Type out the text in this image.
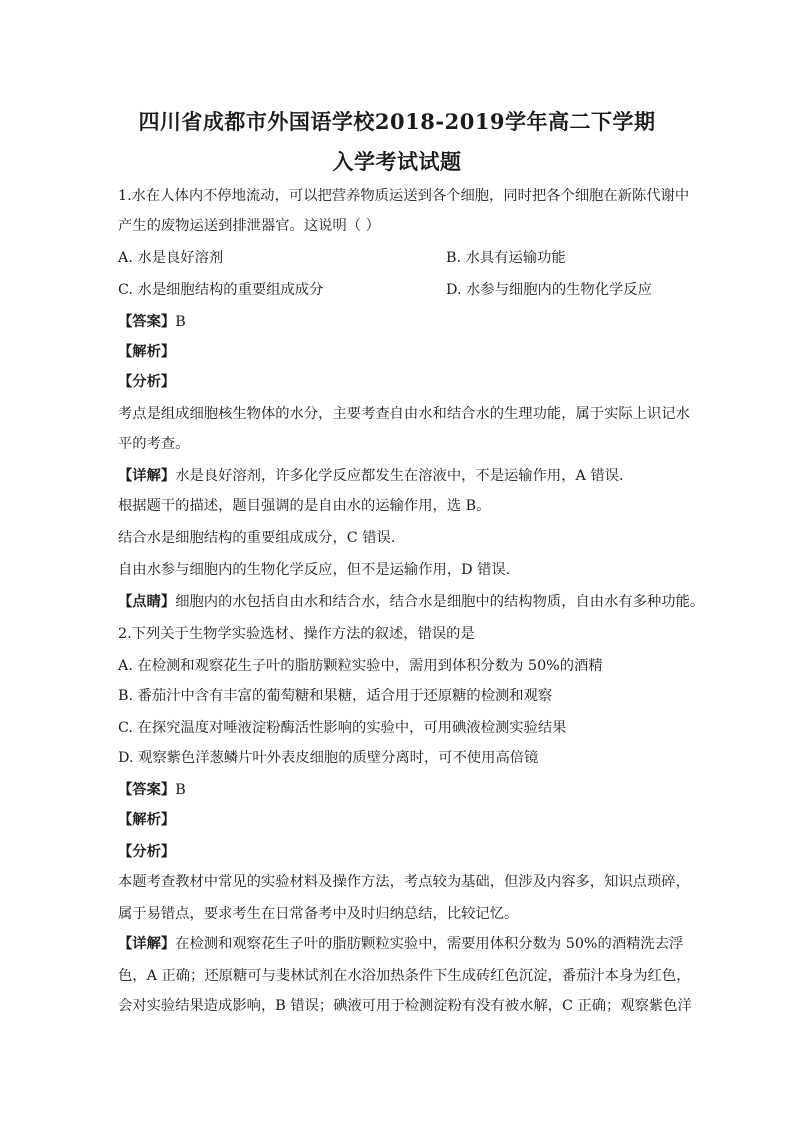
四川省成都市外国语学校2018-2019学年高二下学期
入学考试试题
1.水在人体内不停地流动，可以把营养物质运送到各个细胞，同时把各个细胞在新陈代谢中
产生的废物运送到排泄器官。这说明（ ）
A. 水是良好溶剂	B. 水具有运输功能
C. 水是细胞结构的重要组成成分	D. 水参与细胞内的生物化学反应
【答案】B
【解析】
【分析】
考点是组成细胞核生物体的水分，主要考查自由水和结合水的生理功能，属于实际上识记水
平的考查。
【详解】水是良好溶剂，许多化学反应都发生在溶液中，不是运输作用，A 错误.
根据题干的描述，题目强调的是自由水的运输作用，选 B。
结合水是细胞结构的重要组成成分，C 错误.
自由水参与细胞内的生物化学反应，但不是运输作用，D 错误.
【点睛】细胞内的水包括自由水和结合水，结合水是细胞中的结构物质，自由水有多种功能。
2.下列关于生物学实验选材、操作方法的叙述，错误的是
A. 在检测和观察花生子叶的脂肪颗粒实验中，需用到体积分数为 50%的酒精
B. 番茄汁中含有丰富的葡萄糖和果糖，适合用于还原糖的检测和观察
C. 在探究温度对唾液淀粉酶活性影响的实验中，可用碘液检测实验结果
D. 观察紫色洋葱鳞片叶外表皮细胞的质壁分离时，可不使用高倍镜
【答案】B
【解析】
【分析】
本题考查教材中常见的实验材料及操作方法，考点较为基础，但涉及内容多，知识点琐碎，
属于易错点，要求考生在日常备考中及时归纳总结，比较记忆。
【详解】在检测和观察花生子叶的脂肪颗粒实验中，需要用体积分数为 50%的酒精洗去浮
色，A 正确；还原糖可与斐林试剂在水浴加热条件下生成砖红色沉淀，番茄汁本身为红色，
会对实验结果造成影响，B 错误；碘液可用于检测淀粉有没有被水解，C 正确；观察紫色洋
